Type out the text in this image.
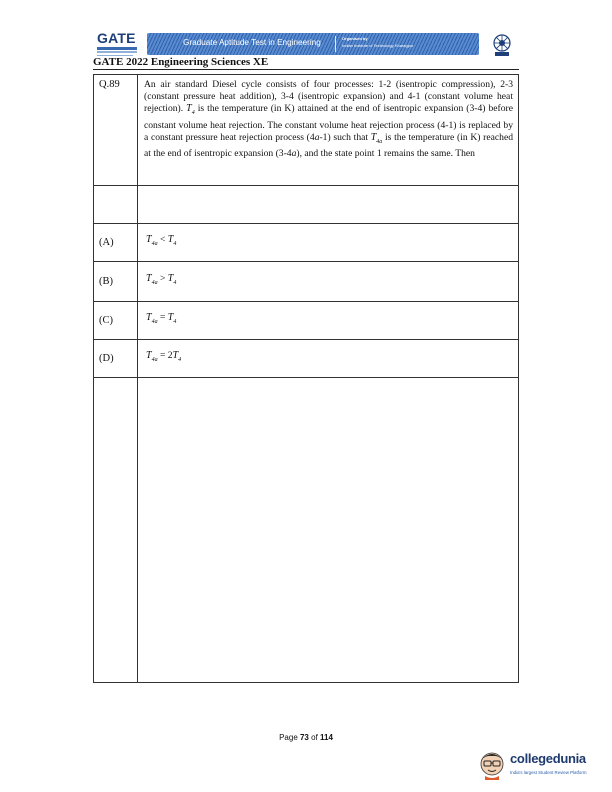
GATE	Graduate Aptitude Test in Engineering	Organised by
Indian Institute of Technology Kharagpur
GATE 2022 Engineering Sciences XE
Q.89	An air standard Diesel cycle consists of four processes: 1-2 (isentropic compression), 2-3 (constant pressure heat addition), 3-4 (isentropic expansion) and 4-1 (constant volume heat rejection). $T_4$ is the temperature (in K) attained at the end of isentropic expansion (3-4) before constant volume heat rejection. The constant volume heat rejection process (4-1) is replaced by a constant pressure heat rejection process (4a-1) such that $T_{4a}$ is the temperature (in K) reached at the end of isentropic expansion (3-4a), and the state point 1 remains the same. Then

(A)	$T_{4a} < T_4$
(B)	$T_{4a} > T_4$
(C)	$T_{4a} = T_4$
(D)	$T_{4a} = 2T_4$

Page 73 of 114
collegedunia
India's largest Student Review Platform
